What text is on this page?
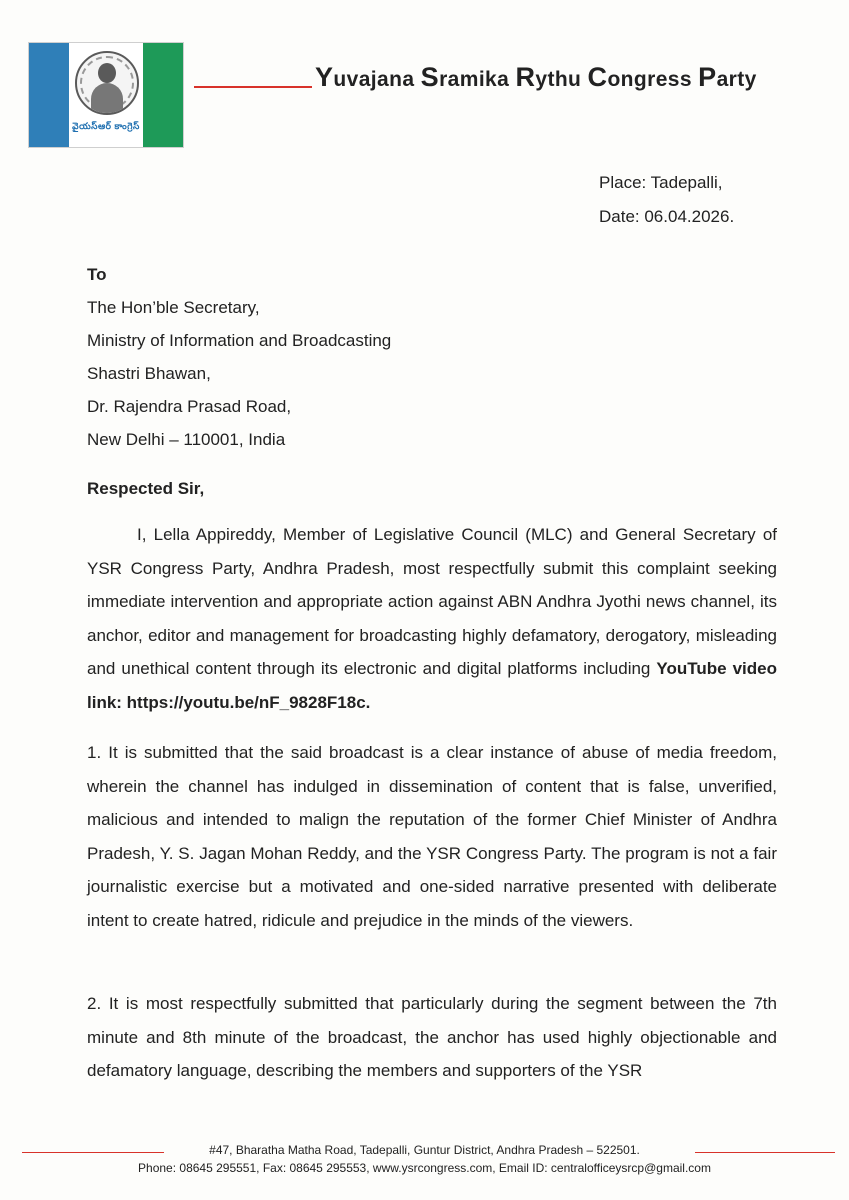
వైయస్ఆర్ కాంగ్రెస్
Yuvajana Sramika Rythu Congress Party
Place: Tadepalli,
Date: 06.04.2026.
To
The Hon’ble Secretary,
Ministry of Information and Broadcasting
Shastri Bhawan,
Dr. Rajendra Prasad Road,
New Delhi – 110001, India
Respected Sir,

I, Lella Appireddy, Member of Legislative Council (MLC) and General Secretary of YSR Congress Party, Andhra Pradesh, most respectfully submit this complaint seeking immediate intervention and appropriate action against ABN Andhra Jyothi news channel, its anchor, editor and management for broadcasting highly defamatory, derogatory, misleading and unethical content through its electronic and digital platforms including YouTube video link: https://youtu.be/nF_9828F18c.

1. It is submitted that the said broadcast is a clear instance of abuse of media freedom, wherein the channel has indulged in dissemination of content that is false, unverified, malicious and intended to malign the reputation of the former Chief Minister of Andhra Pradesh, Y. S. Jagan Mohan Reddy, and the YSR Congress Party. The program is not a fair journalistic exercise but a motivated and one-sided narrative presented with deliberate intent to create hatred, ridicule and prejudice in the minds of the viewers.

2. It is most respectfully submitted that particularly during the segment between the 7th minute and 8th minute of the broadcast, the anchor has used highly objectionable and defamatory language, describing the members and supporters of the YSR

#47, Bharatha Matha Road, Tadepalli, Guntur District, Andhra Pradesh – 522501.
Phone: 08645 295551, Fax: 08645 295553, www.ysrcongress.com, Email ID: centralofficeysrcp@gmail.com
